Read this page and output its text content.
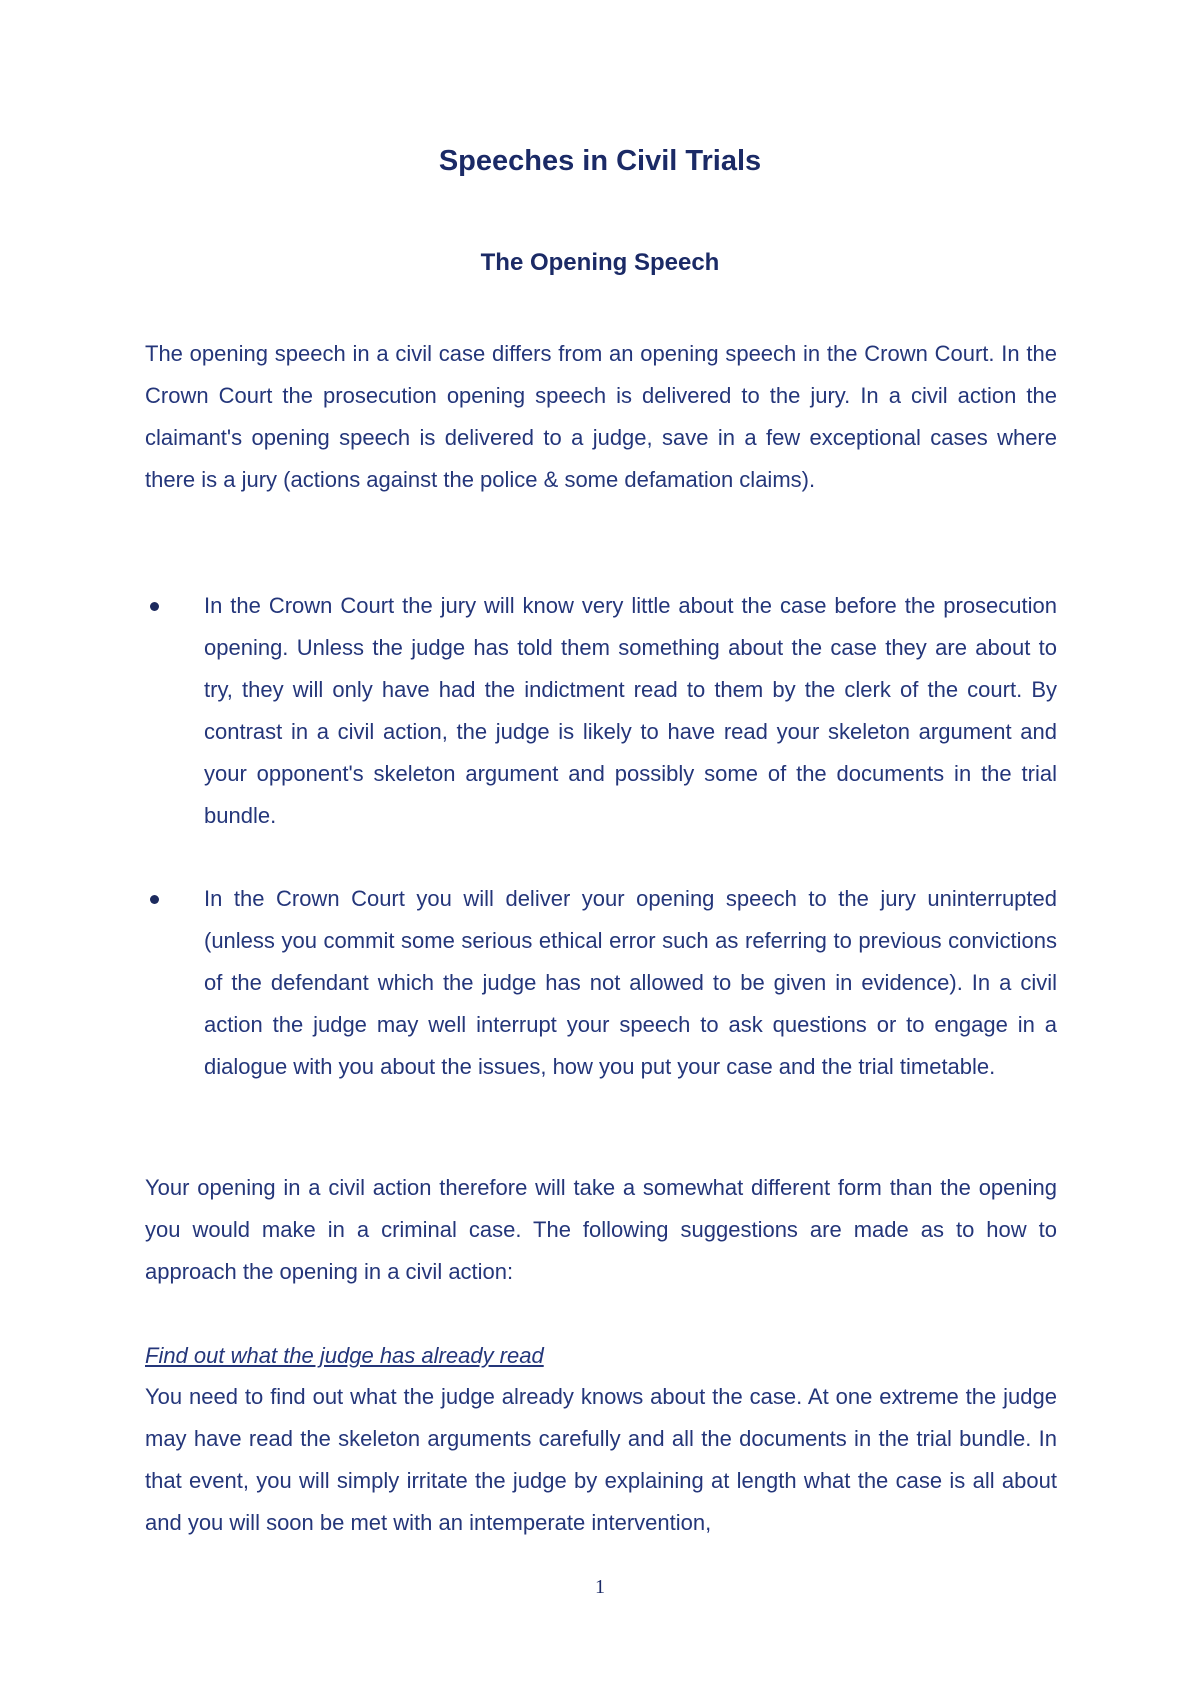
Speeches in Civil Trials
The Opening Speech

The opening speech in a civil case differs from an opening speech in the Crown Court. In the Crown Court the prosecution opening speech is delivered to the jury. In a civil action the claimant's opening speech is delivered to a judge, save in a few exceptional cases where there is a jury (actions against the police & some defamation claims).

In the Crown Court the jury will know very little about the case before the prosecution opening. Unless the judge has told them something about the case they are about to try, they will only have had the indictment read to them by the clerk of the court. By contrast in a civil action, the judge is likely to have read your skeleton argument and your opponent's skeleton argument and possibly some of the documents in the trial bundle.

In the Crown Court you will deliver your opening speech to the jury uninterrupted (unless you commit some serious ethical error such as referring to previous convictions of the defendant which the judge has not allowed to be given in evidence). In a civil action the judge may well interrupt your speech to ask questions or to engage in a dialogue with you about the issues, how you put your case and the trial timetable.

Your opening in a civil action therefore will take a somewhat different form than the opening you would make in a criminal case. The following suggestions are made as to how to approach the opening in a civil action:

Find out what the judge has already read

You need to find out what the judge already knows about the case. At one extreme the judge may have read the skeleton arguments carefully and all the documents in the trial bundle. In that event, you will simply irritate the judge by explaining at length what the case is all about and you will soon be met with an intemperate intervention,

1
